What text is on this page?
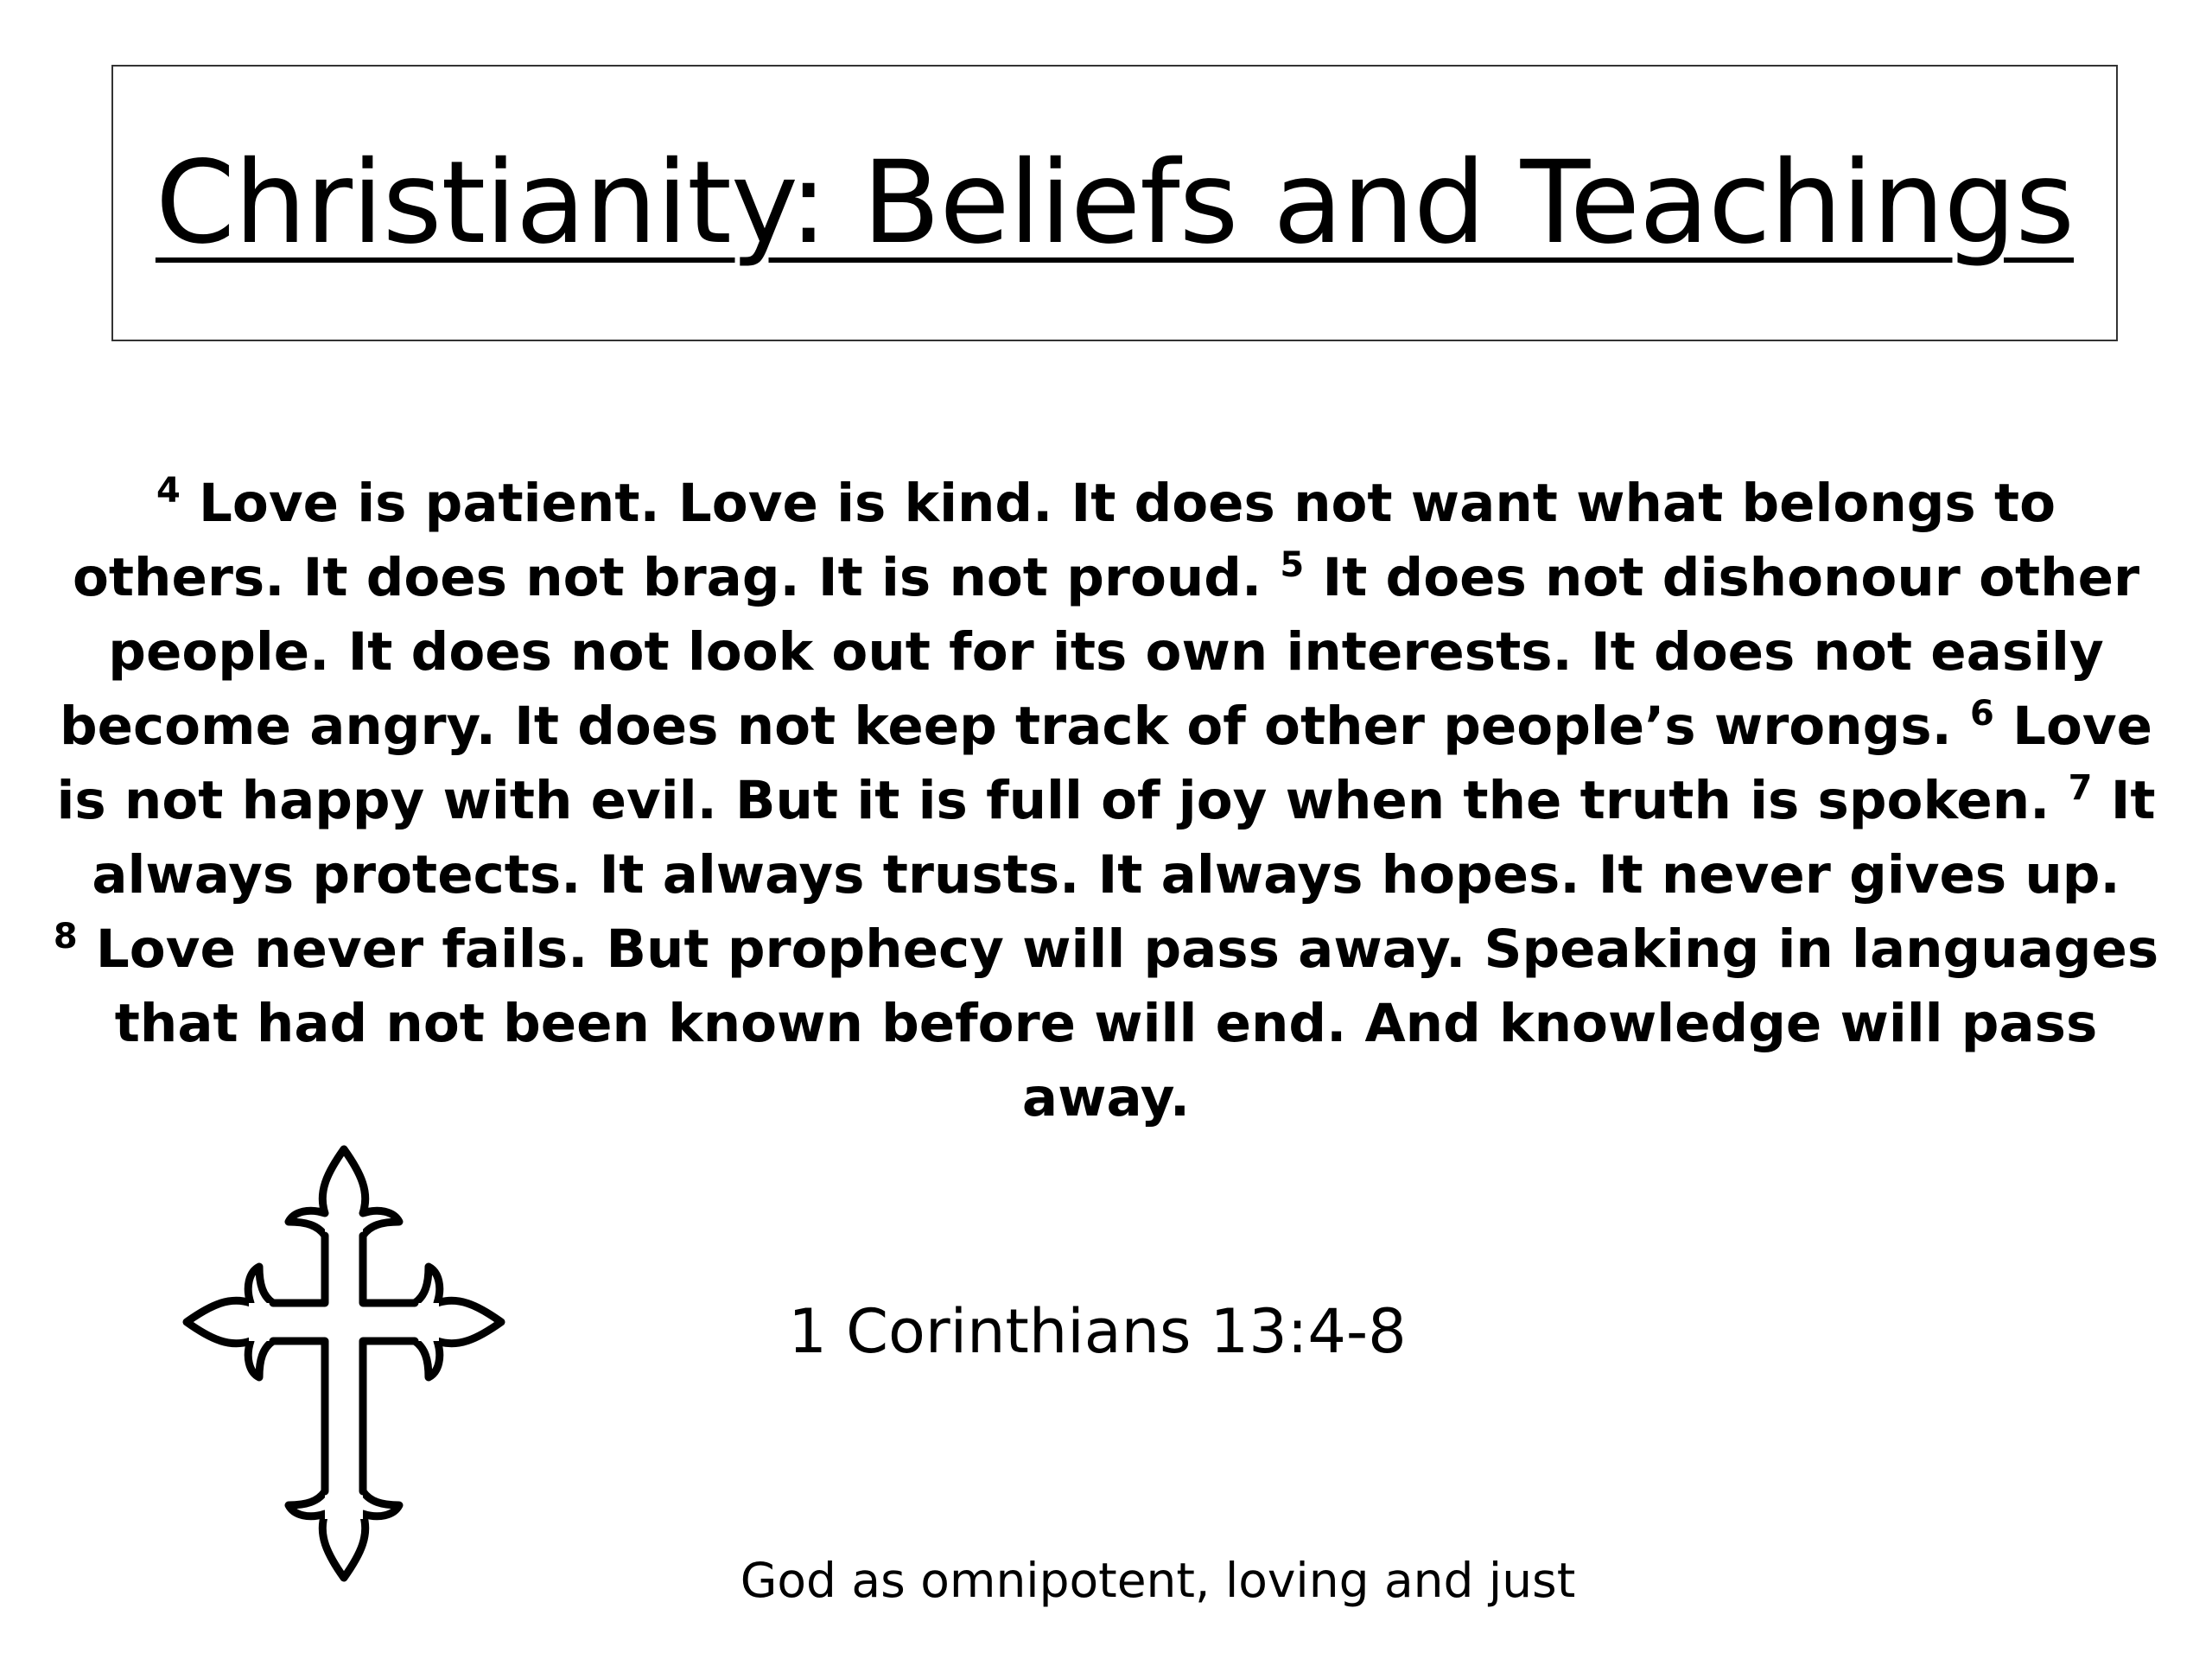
Christianity: Beliefs and Teachings

$^4$ Love is patient. Love is kind. It does not want what belongs to others. It does not brag. It is not proud. $^5$ It does not dishonour other people. It does not look out for its own interests. It does not easily become angry. It does not keep track of other people’s wrongs. $^6$ Love is not happy with evil. But it is full of joy when the truth is spoken. $^7$ It always protects. It always trusts. It always hopes. It never gives up.
$^8$ Love never fails. But prophecy will pass away. Speaking in languages that had not been known before will end. And knowledge will pass away.

1 Corinthians 13:4-8
God as omnipotent, loving and just
